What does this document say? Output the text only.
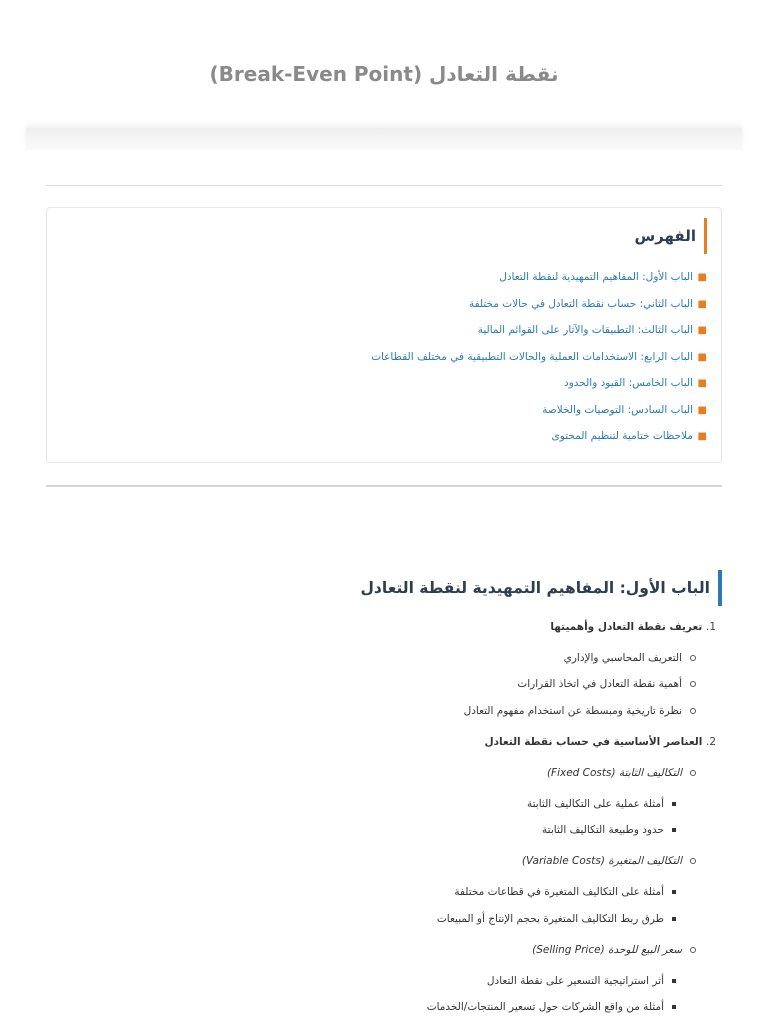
نقطة التعادل (Break-Even Point)
الفهرس
■الباب الأول: المفاهيم التمهيدية لنقطة التعادل
■الباب الثاني: حساب نقطة التعادل في حالات مختلفة
■الباب الثالث: التطبيقات والآثار على القوائم المالية
■الباب الرابع: الاستخدامات العملية والحالات التطبيقية في مختلف القطاعات
■الباب الخامس: القيود والحدود
■الباب السادس: التوصيات والخلاصة
■ملاحظات ختامية لتنظيم المحتوى
الباب الأول: المفاهيم التمهيدية لنقطة التعادل
1. تعريف نقطة التعادل وأهميتها
التعريف المحاسبي والإداري
أهمية نقطة التعادل في اتخاذ القرارات
نظرة تاريخية ومبسطة عن استخدام مفهوم التعادل
2. العناصر الأساسية في حساب نقطة التعادل
التكاليف الثابتة (Fixed Costs)
أمثلة عملية على التكاليف الثابتة
حدود وطبيعة التكاليف الثابتة
التكاليف المتغيرة (Variable Costs)
أمثلة على التكاليف المتغيرة في قطاعات مختلفة
طرق ربط التكاليف المتغيرة بحجم الإنتاج أو المبيعات
سعر البيع للوحدة (Selling Price)
أثر استراتيجية التسعير على نقطة التعادل
أمثلة من واقع الشركات حول تسعير المنتجات/الخدمات
